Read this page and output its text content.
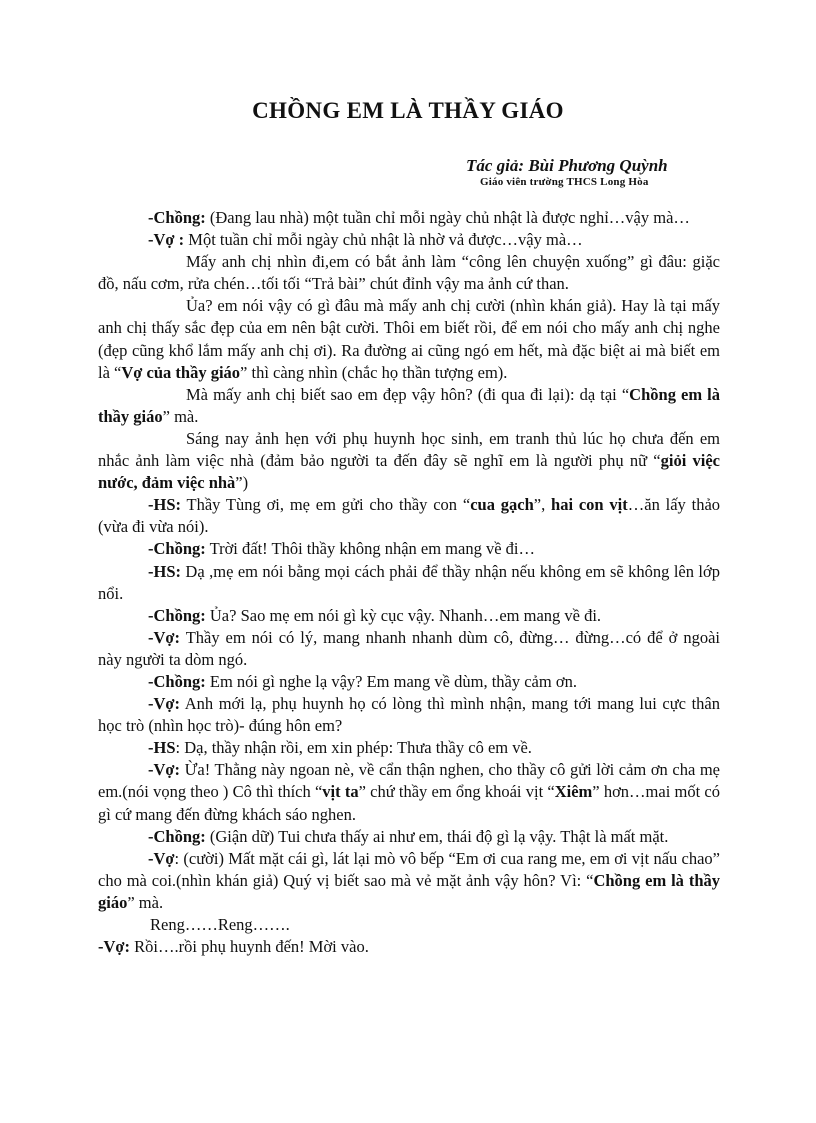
CHỒNG EM LÀ THẦY GIÁO
Tác giả: Bùi Phương Quỳnh
Giáo viên trường THCS Long Hòa

-Chồng: (Đang lau nhà) một tuần chỉ mỗi ngày chủ nhật là được nghỉ…vậy mà…

-Vợ : Một tuần chỉ mỗi ngày chủ nhật là nhờ vả được…vậy mà…

Mấy anh chị nhìn đi,em có bắt ảnh làm “công lên chuyện xuống” gì đâu: giặc đồ, nấu cơm, rửa chén…tối tối “Trả bài” chút đỉnh vậy ma ảnh cứ than.

Ủa? em nói vậy có gì đâu mà mấy anh chị cười (nhìn khán giả). Hay là tại mấy anh chị thấy sắc đẹp của em nên bật cười. Thôi em biết rồi, để em nói cho mấy anh chị nghe (đẹp cũng khổ lắm mấy anh chị ơi). Ra đường ai cũng ngó em hết, mà đặc biệt ai mà biết em là “Vợ của thầy giáo” thì càng nhìn (chắc họ thần tượng em).

Mà mấy anh chị biết sao em đẹp vậy hôn? (đi qua đi lại): dạ tại “Chồng em là thầy giáo” mà.

Sáng nay ảnh hẹn với phụ huynh học sinh, em tranh thủ lúc họ chưa đến em nhắc ảnh làm việc nhà (đảm bảo người ta đến đây sẽ nghĩ em là người phụ nữ “giỏi việc nước, đảm việc nhà”)

-HS: Thầy Tùng ơi, mẹ em gửi cho thầy con “cua gạch”, hai con vịt…ăn lấy thảo (vừa đi vừa nói).

-Chồng: Trời đất! Thôi thầy không nhận em mang về đi…

-HS: Dạ ,mẹ em nói bằng mọi cách phải để thầy nhận nếu không em sẽ không lên lớp nổi.

-Chồng: Ủa? Sao mẹ em nói gì kỳ cục vậy. Nhanh…em mang về đi.

-Vợ: Thầy em nói có lý, mang nhanh nhanh dùm cô, đừng… đừng…có để ở ngoài này người ta dòm ngó.

-Chồng: Em nói gì nghe lạ vậy? Em mang về dùm, thầy cảm ơn.

-Vợ: Anh mới lạ, phụ huynh họ có lòng thì mình nhận, mang tới mang lui cực thân học trò (nhìn học trò)- đúng hôn em?

-HS: Dạ, thầy nhận rồi, em xin phép: Thưa thầy cô em về.

-Vợ: Ừa! Thằng này ngoan nè, về cẩn thận nghen, cho thầy cô gửi lời cảm ơn cha mẹ em.(nói vọng theo ) Cô thì thích “vịt ta” chứ thầy em ổng khoái vịt “Xiêm” hơn…mai mốt có gì cứ mang đến đừng khách sáo nghen.

-Chồng: (Giận dữ) Tui chưa thấy ai như em, thái độ gì lạ vậy. Thật là mất mặt.

-Vợ: (cười) Mất mặt cái gì, lát lại mò vô bếp “Em ơi cua rang me, em ơi vịt nấu chao” cho mà coi.(nhìn khán giả) Quý vị biết sao mà vẻ mặt ảnh vậy hôn? Vì: “Chồng em là thầy giáo” mà.

Reng……Reng…….

-Vợ: Rồi….rồi phụ huynh đến! Mời vào.
